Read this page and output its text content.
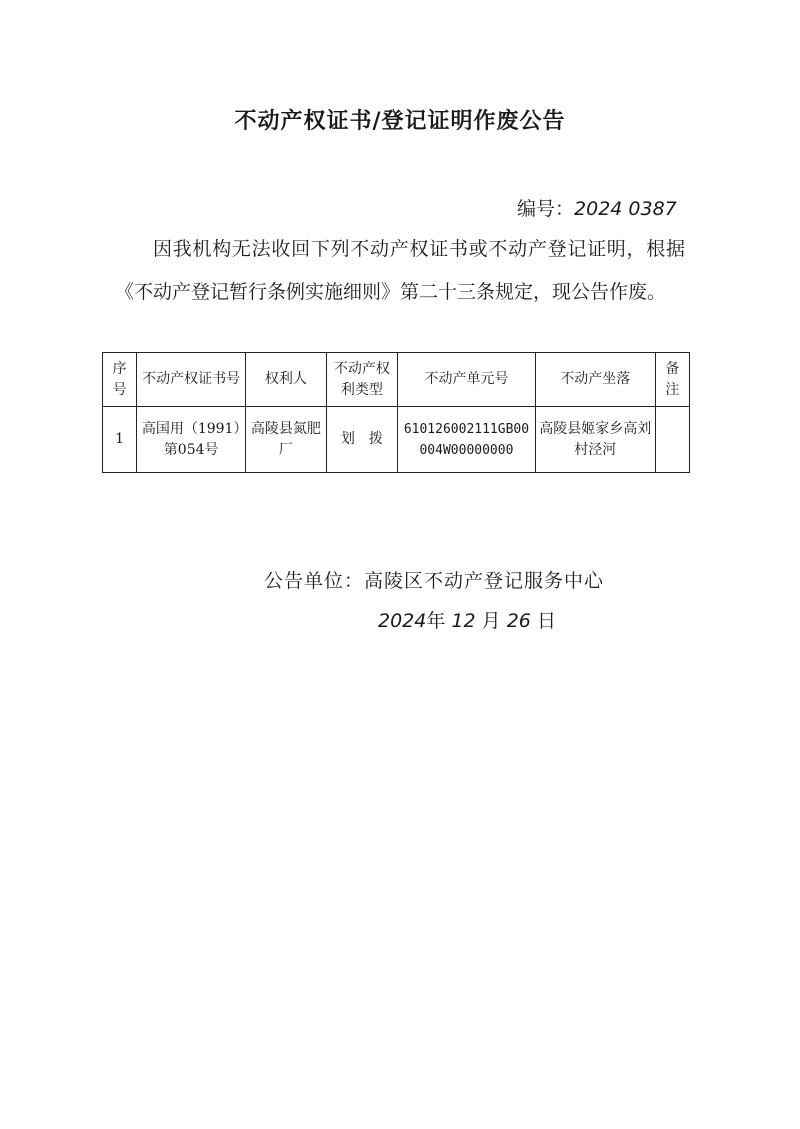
不动产权证书/登记证明作废公告
编号：2024 0387
因我机构无法收回下列不动产权证书或不动产登记证明，根据《不动产登记暂行条例实施细则》第二十三条规定，现公告作废。
序号	不动产权证书号	权利人	不动产权利类型	不动产单元号	不动产坐落	备注
1	高国用（1991）第054号	高陵县氮肥厂	划　拨	610126002111GB00004W00000000	高陵县姬家乡高刘村泾河	
公告单位：高陵区不动产登记服务中心
2024年 12 月 26 日
